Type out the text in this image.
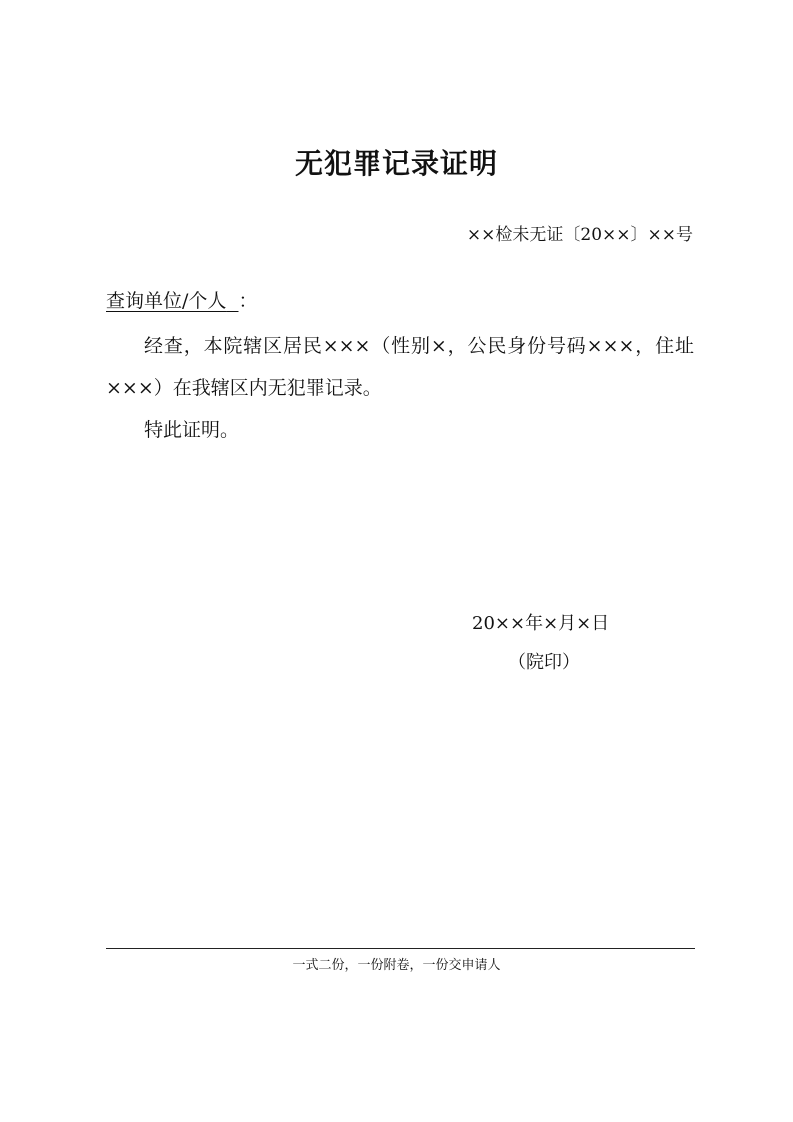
无犯罪记录证明
××检未无证〔20××〕××号
查询单位/个人 ：

经查，本院辖区居民×××（性别×，公民身份号码×××，住址×××）在我辖区内无犯罪记录。

特此证明。

20××年×月×日
（院印）
一式二份，一份附卷，一份交申请人
